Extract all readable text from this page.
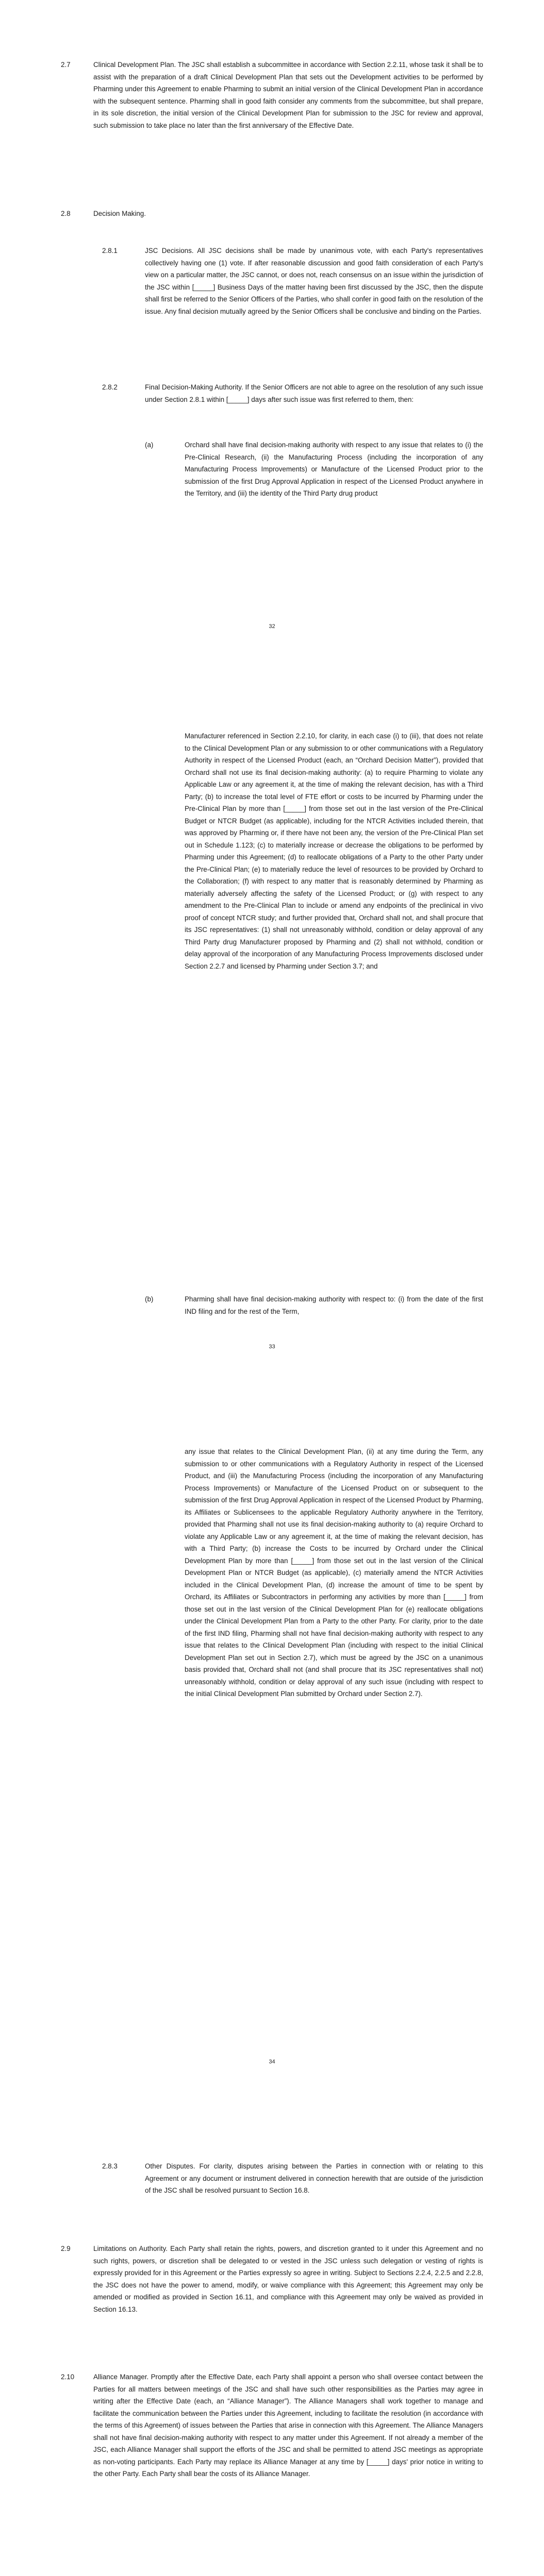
2.7	Clinical Development Plan. The JSC shall establish a subcommittee in accordance with Section 2.2.11, whose task it shall be to assist with the preparation of a draft Clinical Development Plan that sets out the Development activities to be performed by Pharming under this Agreement to enable Pharming to submit an initial version of the Clinical Development Plan in accordance with the subsequent sentence. Pharming shall in good faith consider any comments from the subcommittee, but shall prepare, in its sole discretion, the initial version of the Clinical Development Plan for submission to the JSC for review and approval, such submission to take place no later than the first anniversary of the Effective Date.

2.8	Decision Making.

2.8.1	JSC Decisions. All JSC decisions shall be made by unanimous vote, with each Party's representatives collectively having one (1) vote. If after reasonable discussion and good faith consideration of each Party's view on a particular matter, the JSC cannot, or does not, reach consensus on an issue within the jurisdiction of the JSC within [_____] Business Days of the matter having been first discussed by the JSC, then the dispute shall first be referred to the Senior Officers of the Parties, who shall confer in good faith on the resolution of the issue. Any final decision mutually agreed by the Senior Officers shall be conclusive and binding on the Parties.

2.8.2	Final Decision-Making Authority. If the Senior Officers are not able to agree on the resolution of any such issue under Section 2.8.1 within [_____] days after such issue was first referred to them, then:

(a)	Orchard shall have final decision-making authority with respect to any issue that relates to (i) the Pre-Clinical Research, (ii) the Manufacturing Process (including the incorporation of any Manufacturing Process Improvements) or Manufacture of the Licensed Product prior to the submission of the first Drug Approval Application in respect of the Licensed Product anywhere in the Territory, and (iii) the identity of the Third Party drug product

32

Manufacturer referenced in Section 2.2.10, for clarity, in each case (i) to (iii), that does not relate to the Clinical Development Plan or any submission to or other communications with a Regulatory Authority in respect of the Licensed Product (each, an “Orchard Decision Matter”), provided that Orchard shall not use its final decision-making authority: (a) to require Pharming to violate any Applicable Law or any agreement it, at the time of making the relevant decision, has with a Third Party; (b) to increase the total level of FTE effort or costs to be incurred by Pharming under the Pre-Clinical Plan by more than [_____] from those set out in the last version of the Pre-Clinical Budget or NTCR Budget (as applicable), including for the NTCR Activities included therein, that was approved by Pharming or, if there have not been any, the version of the Pre-Clinical Plan set out in Schedule 1.123; (c) to materially increase or decrease the obligations to be performed by Pharming under this Agreement; (d) to reallocate obligations of a Party to the other Party under the Pre-Clinical Plan; (e) to materially reduce the level of resources to be provided by Orchard to the Collaboration; (f) with respect to any matter that is reasonably determined by Pharming as materially adversely affecting the safety of the Licensed Product; or (g) with respect to any amendment to the Pre-Clinical Plan to include or amend any endpoints of the preclinical in vivo proof of concept NTCR study; and further provided that, Orchard shall not, and shall procure that its JSC representatives: (1) shall not unreasonably withhold, condition or delay approval of any Third Party drug Manufacturer proposed by Pharming and (2) shall not withhold, condition or delay approval of the incorporation of any Manufacturing Process Improvements disclosed under Section 2.2.7 and licensed by Pharming under Section 3.7; and

(b)	Pharming shall have final decision-making authority with respect to: (i) from the date of the first IND filing and for the rest of the Term,

33

any issue that relates to the Clinical Development Plan, (ii) at any time during the Term, any submission to or other communications with a Regulatory Authority in respect of the Licensed Product, and (iii) the Manufacturing Process (including the incorporation of any Manufacturing Process Improvements) or Manufacture of the Licensed Product on or subsequent to the submission of the first Drug Approval Application in respect of the Licensed Product by Pharming, its Affiliates or Sublicensees to the applicable Regulatory Authority anywhere in the Territory, provided that Pharming shall not use its final decision-making authority to (a) require Orchard to violate any Applicable Law or any agreement it, at the time of making the relevant decision, has with a Third Party; (b) increase the Costs to be incurred by Orchard under the Clinical Development Plan by more than [_____] from those set out in the last version of the Clinical Development Plan or NTCR Budget (as applicable), (c) materially amend the NTCR Activities included in the Clinical Development Plan, (d) increase the amount of time to be spent by Orchard, its Affiliates or Subcontractors in performing any activities by more than [_____] from those set out in the last version of the Clinical Development Plan for (e) reallocate obligations under the Clinical Development Plan from a Party to the other Party. For clarity, prior to the date of the first IND filing, Pharming shall not have final decision-making authority with respect to any issue that relates to the Clinical Development Plan (including with respect to the initial Clinical Development Plan set out in Section 2.7), which must be agreed by the JSC on a unanimous basis provided that, Orchard shall not (and shall procure that its JSC representatives shall not) unreasonably withhold, condition or delay approval of any such issue (including with respect to the initial Clinical Development Plan submitted by Orchard under Section 2.7).

34

2.8.3	Other Disputes. For clarity, disputes arising between the Parties in connection with or relating to this Agreement or any document or instrument delivered in connection herewith that are outside of the jurisdiction of the JSC shall be resolved pursuant to Section 16.8.

2.9	Limitations on Authority. Each Party shall retain the rights, powers, and discretion granted to it under this Agreement and no such rights, powers, or discretion shall be delegated to or vested in the JSC unless such delegation or vesting of rights is expressly provided for in this Agreement or the Parties expressly so agree in writing. Subject to Sections 2.2.4, 2.2.5 and 2.2.8, the JSC does not have the power to amend, modify, or waive compliance with this Agreement; this Agreement may only be amended or modified as provided in Section 16.11, and compliance with this Agreement may only be waived as provided in Section 16.13.

2.10	Alliance Manager. Promptly after the Effective Date, each Party shall appoint a person who shall oversee contact between the Parties for all matters between meetings of the JSC and shall have such other responsibilities as the Parties may agree in writing after the Effective Date (each, an “Alliance Manager”). The Alliance Managers shall work together to manage and facilitate the communication between the Parties under this Agreement, including to facilitate the resolution (in accordance with the terms of this Agreement) of issues between the Parties that arise in connection with this Agreement. The Alliance Managers shall not have final decision-making authority with respect to any matter under this Agreement. If not already a member of the JSC, each Alliance Manager shall support the efforts of the JSC and shall be permitted to attend JSC meetings as appropriate as non-voting participants. Each Party may replace its Alliance Manager at any time by [_____] days' prior notice in writing to the other Party. Each Party shall bear the costs of its Alliance Manager.
